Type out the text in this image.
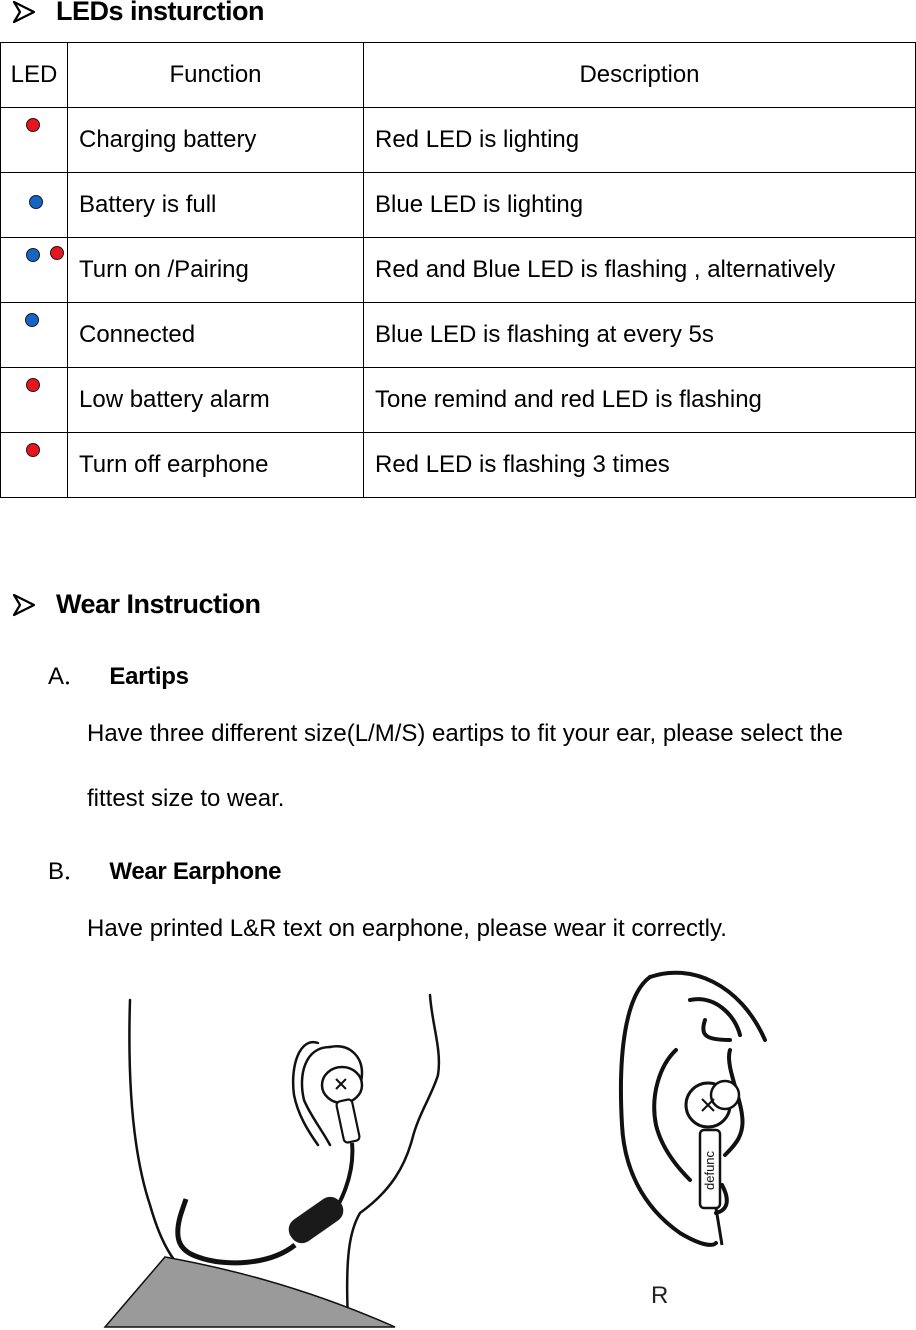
LEDs insturction
LED	Function	Description

	Charging battery	Red LED is lighting

	Battery is full	Blue LED is lighting

	Turn on /Pairing	Red and Blue LED is flashing , alternatively

	Connected	Blue LED is flashing at every 5s

	Low battery alarm	Tone remind and red LED is flashing

	Turn off earphone	Red LED is flashing 3 times
Wear Instruction
A． Eartips
Have three different size(L/M/S) eartips to fit your ear, please select the
fittest size to wear.
B． Wear Earphone
Have printed L&R text on earphone, please wear it correctly.
defunc
R
